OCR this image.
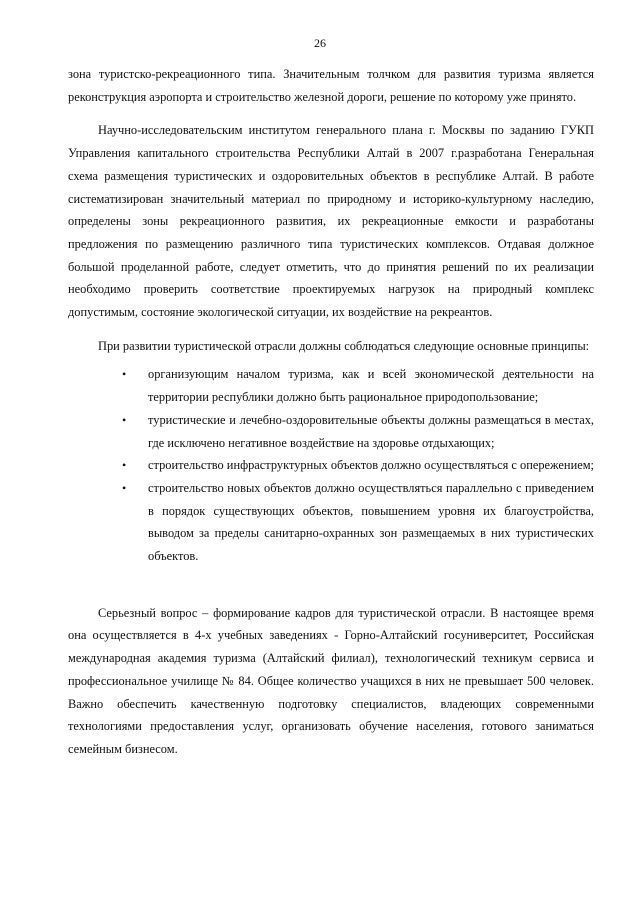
26

зона туристско-рекреационного типа. Значительным толчком для развития туризма является реконструкция аэропорта и строительство железной дороги, решение по которому уже принято.

Научно-исследовательским институтом генерального плана г. Москвы по заданию ГУКП Управления капитального строительства Республики Алтай в 2007 г.разработана Генеральная схема размещения туристических и оздоровительных объектов в республике Алтай. В работе систематизирован значительный материал по природному и историко-культурному наследию, определены зоны рекреационного развития, их рекреационные емкости и разработаны предложения по размещению различного типа туристических комплексов. Отдавая должное большой проделанной работе, следует отметить, что до принятия решений по их реализации необходимо проверить соответствие проектируемых нагрузок на природный комплекс допустимым, состояние экологической ситуации, их воздействие на рекреантов.

При развитии туристической отрасли должны соблюдаться следующие основные принципы:

• организующим началом туризма, как и всей экономической деятельности на территории республики должно быть рациональное природопользование;
• туристические и лечебно-оздоровительные объекты должны размещаться в местах, где исключено негативное воздействие на здоровье отдыхающих;
• строительство инфраструктурных объектов должно осуществляться с опережением;
• строительство новых объектов должно осуществляться параллельно с приведением в порядок существующих объектов, повышением уровня их благоустройства, выводом за пределы санитарно-охранных зон размещаемых в них туристических объектов.

Серьезный вопрос – формирование кадров для туристической отрасли. В настоящее время она осуществляется в 4-х учебных заведениях - Горно-Алтайский госуниверситет, Российская международная академия туризма (Алтайский филиал), технологический техникум сервиса и профессиональное училище № 84. Общее количество учащихся в них не превышает 500 человек. Важно обеспечить качественную подготовку специалистов, владеющих современными технологиями предоставления услуг, организовать обучение населения, готового заниматься семейным бизнесом.
